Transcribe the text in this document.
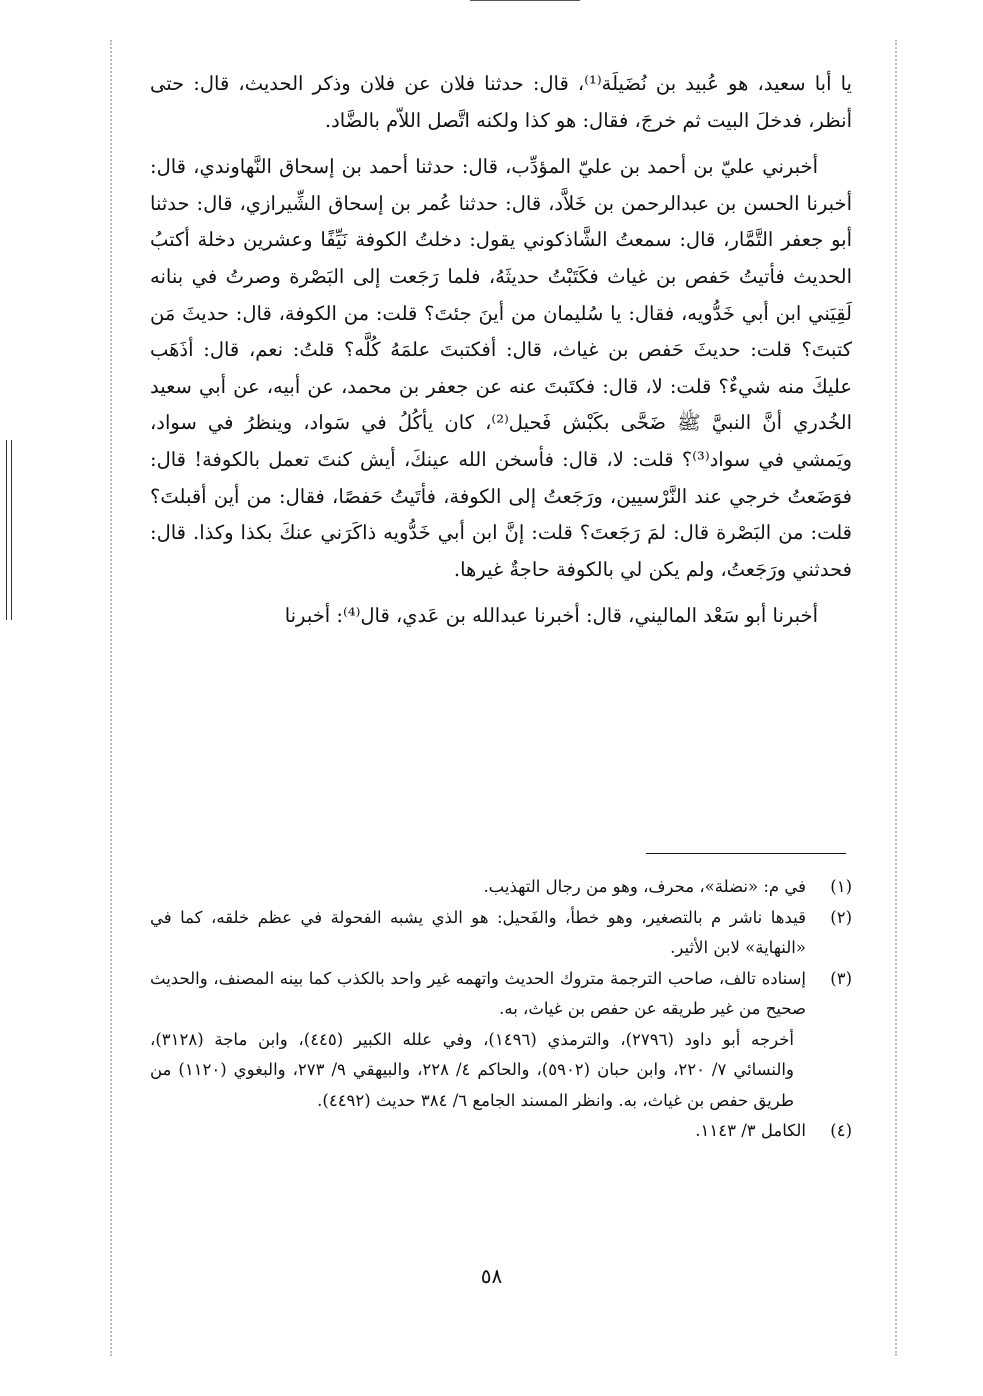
يا أبا سعيد، هو عُبيد بن نُضَيلَة⁽¹⁾، قال: حدثنا فلان عن فلان وذكر الحديث، قال: حتى أنظر، فدخلَ البيت ثم خرجَ، فقال: هو كذا ولكنه اتَّصل اللاّم بالضَّاد.

أخبرني عليّ بن أحمد بن عليّ المؤدِّب، قال: حدثنا أحمد بن إسحاق النَّهاوندي، قال: أخبرنا الحسن بن عبدالرحمن بن خَلاَّد، قال: حدثنا عُمر بن إسحاق الشِّيرازي، قال: حدثنا أبو جعفر التَّمَّار، قال: سمعتُ الشَّاذكوني يقول: دخلتُ الكوفة نَيِّفًا وعشرين دخلة أكتبُ الحديث فأتيتُ حَفص بن غياث فكَتَبْتُ حديثَهُ، فلما رَجَعت إلى البَصْرة وصرتُ في بنانه لَقِيَني ابن أبي خَدُّويه، فقال: يا سُليمان من أينَ جئتَ؟ قلت: من الكوفة، قال: حديثَ مَن كتبتَ؟ قلت: حديثَ حَفص بن غياث، قال: أفكتبتَ علمَهُ كُلَّه؟ قلتُ: نعم، قال: أذَهَب عليكَ منه شيءٌ؟ قلت: لا، قال: فكتَبتَ عنه عن جعفر بن محمد، عن أبيه، عن أبي سعيد الخُدري أنَّ النبيَّ ﷺ ضَحَّى بكَبْش فَحيل⁽²⁾، كان يأكُلُ في سَواد، وينظرُ في سواد، ويَمشي في سواد⁽³⁾؟ قلت: لا، قال: فأسخن الله عينكَ، أيش كنتَ تعمل بالكوفة! قال: فوَضَعتُ خرجي عند النَّرْسيين، ورَجَعتُ إلى الكوفة، فأتَيتُ حَفصًا، فقال: من أين أقبلتَ؟ قلت: من البَصْرة قال: لمَ رَجَعتَ؟ قلت: إنَّ ابن أبي خَدُّويه ذاكَرَني عنكَ بكذا وكذا. قال: فحدثني ورَجَعتُ، ولم يكن لي بالكوفة حاجةٌ غيرها.

أخبرنا أبو سَعْد الماليني، قال: أخبرنا عبدالله بن عَدي، قال⁽⁴⁾: أخبرنا

(١)
في م: «نضلة»، محرف، وهو من رجال التهذيب.
(٢)
قيدها ناشر م بالتصغير، وهو خطأ، والفَحيل: هو الذي يشبه الفحولة في عظم خلقه، كما في «النهاية» لابن الأثير.
(٣)
إسناده تالف، صاحب الترجمة متروك الحديث واتهمه غير واحد بالكذب كما بينه المصنف، والحديث صحيح من غير طريقه عن حفص بن غياث، به.
أخرجه أبو داود (٢٧٩٦)، والترمذي (١٤٩٦)، وفي علله الكبير (٤٤٥)، وابن ماجة (٣١٢٨)، والنسائي ٧/ ٢٢٠، وابن حبان (٥٩٠٢)، والحاكم ٤/ ٢٢٨، والبيهقي ٩/ ٢٧٣، والبغوي (١١٢٠) من طريق حفص بن غياث، به. وانظر المسند الجامع ٦/ ٣٨٤ حديث (٤٤٩٢).
(٤)
الكامل ٣/ ١١٤٣.
٥٨
